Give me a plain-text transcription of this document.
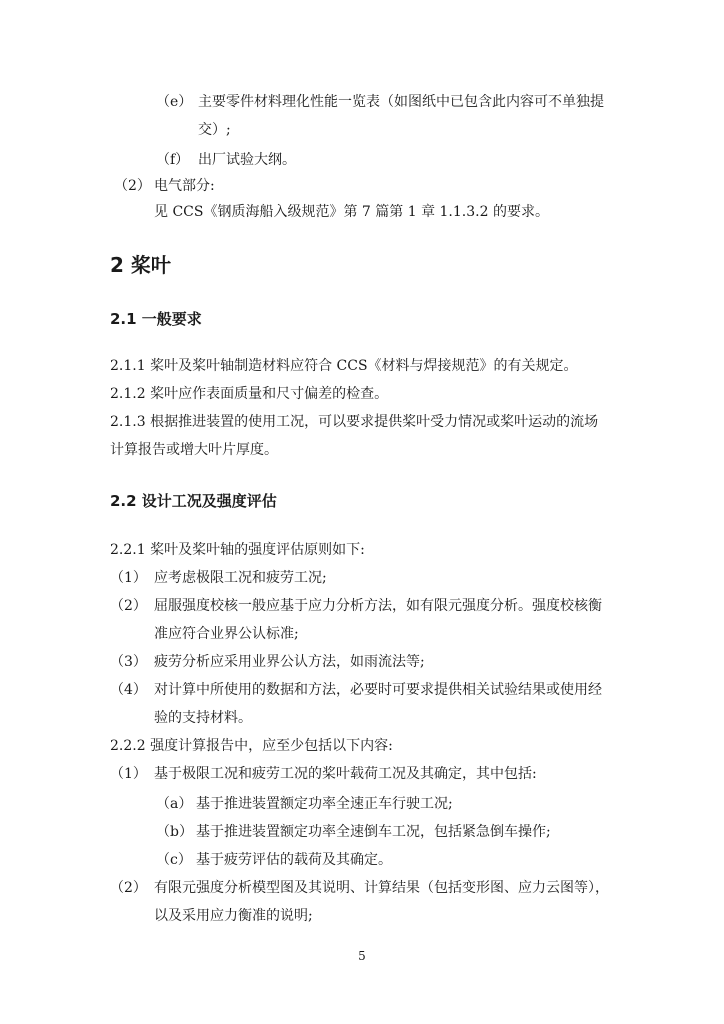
（e） 主要零件材料理化性能一览表（如图纸中已包含此内容可不单独提
交）;
（f） 出厂试验大纲。
（2） 电气部分:
见 CCS《钢质海船入级规范》第 7 篇第 1 章 1.1.3.2 的要求。
2 桨叶
2.1 一般要求
2.1.1 桨叶及桨叶轴制造材料应符合 CCS《材料与焊接规范》的有关规定。
2.1.2 桨叶应作表面质量和尺寸偏差的检查。
2.1.3 根据推进装置的使用工况，可以要求提供桨叶受力情况或桨叶运动的流场
计算报告或增大叶片厚度。
2.2 设计工况及强度评估
2.2.1 桨叶及桨叶轴的强度评估原则如下:
（1） 应考虑极限工况和疲劳工况;
（2） 屈服强度校核一般应基于应力分析方法，如有限元强度分析。强度校核衡
准应符合业界公认标准;
（3） 疲劳分析应采用业界公认方法，如雨流法等;
（4） 对计算中所使用的数据和方法，必要时可要求提供相关试验结果或使用经
验的支持材料。
2.2.2 强度计算报告中，应至少包括以下内容:
（1） 基于极限工况和疲劳工况的桨叶载荷工况及其确定，其中包括:
（a） 基于推进装置额定功率全速正车行驶工况;
（b） 基于推进装置额定功率全速倒车工况，包括紧急倒车操作;
（c） 基于疲劳评估的载荷及其确定。
（2） 有限元强度分析模型图及其说明、计算结果（包括变形图、应力云图等），
以及采用应力衡准的说明;
5
